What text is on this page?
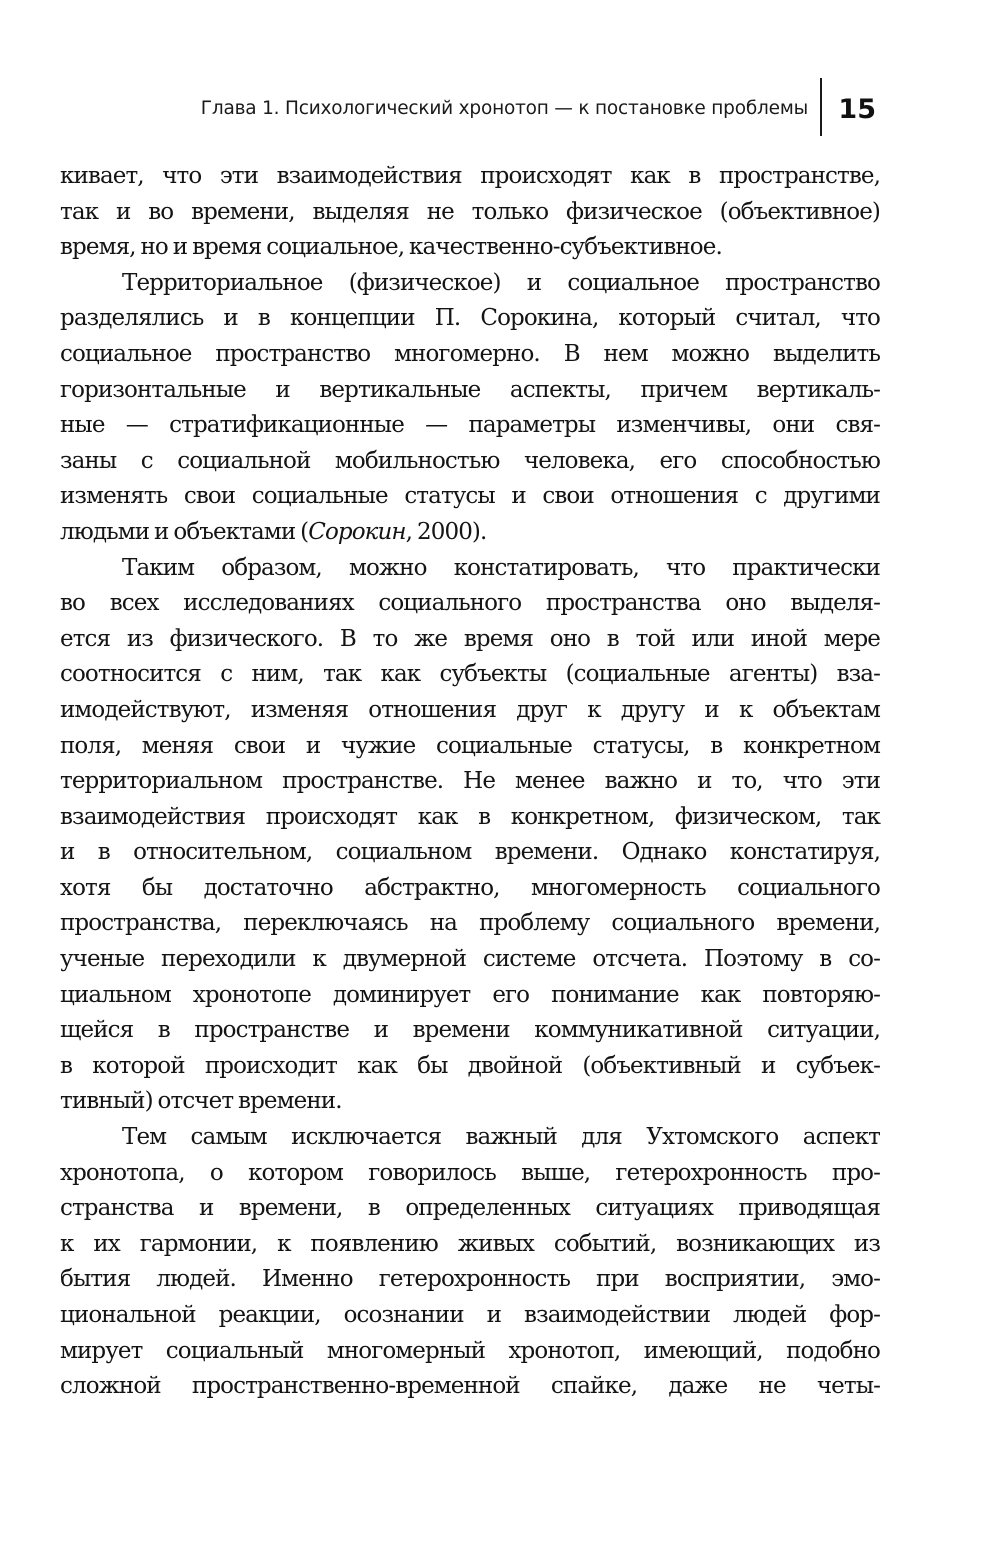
Глава 1. Психологический хронотоп — к постановке проблемы 15
кивает, что эти взаимодействия происходят как в пространстве,
так и во времени, выделяя не только физическое (объективное)
время, но и время социальное, качественно-субъективное.
Территориальное (физическое) и социальное пространство
разделялись и в концепции П. Сорокина, который считал, что
социальное пространство многомерно. В нем можно выделить
горизонтальные и вертикальные аспекты, причем вертикаль-
ные — стратификационные — параметры изменчивы, они свя-
заны с социальной мобильностью человека, его способностью
изменять свои социальные статусы и свои отношения с другими
людьми и объектами (Сорокин, 2000).
Таким образом, можно констатировать, что практически
во всех исследованиях социального пространства оно выделя-
ется из физического. В то же время оно в той или иной мере
соотносится с ним, так как субъекты (социальные агенты) вза-
имодействуют, изменяя отношения друг к другу и к объектам
поля, меняя свои и чужие социальные статусы, в конкретном
территориальном пространстве. Не менее важно и то, что эти
взаимодействия происходят как в конкретном, физическом, так
и в относительном, социальном времени. Однако констатируя,
хотя бы достаточно абстрактно, многомерность социального
пространства, переключаясь на проблему социального времени,
ученые переходили к двумерной системе отсчета. Поэтому в со-
циальном хронотопе доминирует его понимание как повторяю-
щейся в пространстве и времени коммуникативной ситуации,
в которой происходит как бы двойной (объективный и субъек-
тивный) отсчет времени.
Тем самым исключается важный для Ухтомского аспект
хронотопа, о котором говорилось выше, гетерохронность про-
странства и времени, в определенных ситуациях приводящая
к их гармонии, к появлению живых событий, возникающих из
бытия людей. Именно гетерохронность при восприятии, эмо-
циональной реакции, осознании и взаимодействии людей фор-
мирует социальный многомерный хронотоп, имеющий, подобно
сложной пространственно-временной спайке, даже не четы-
